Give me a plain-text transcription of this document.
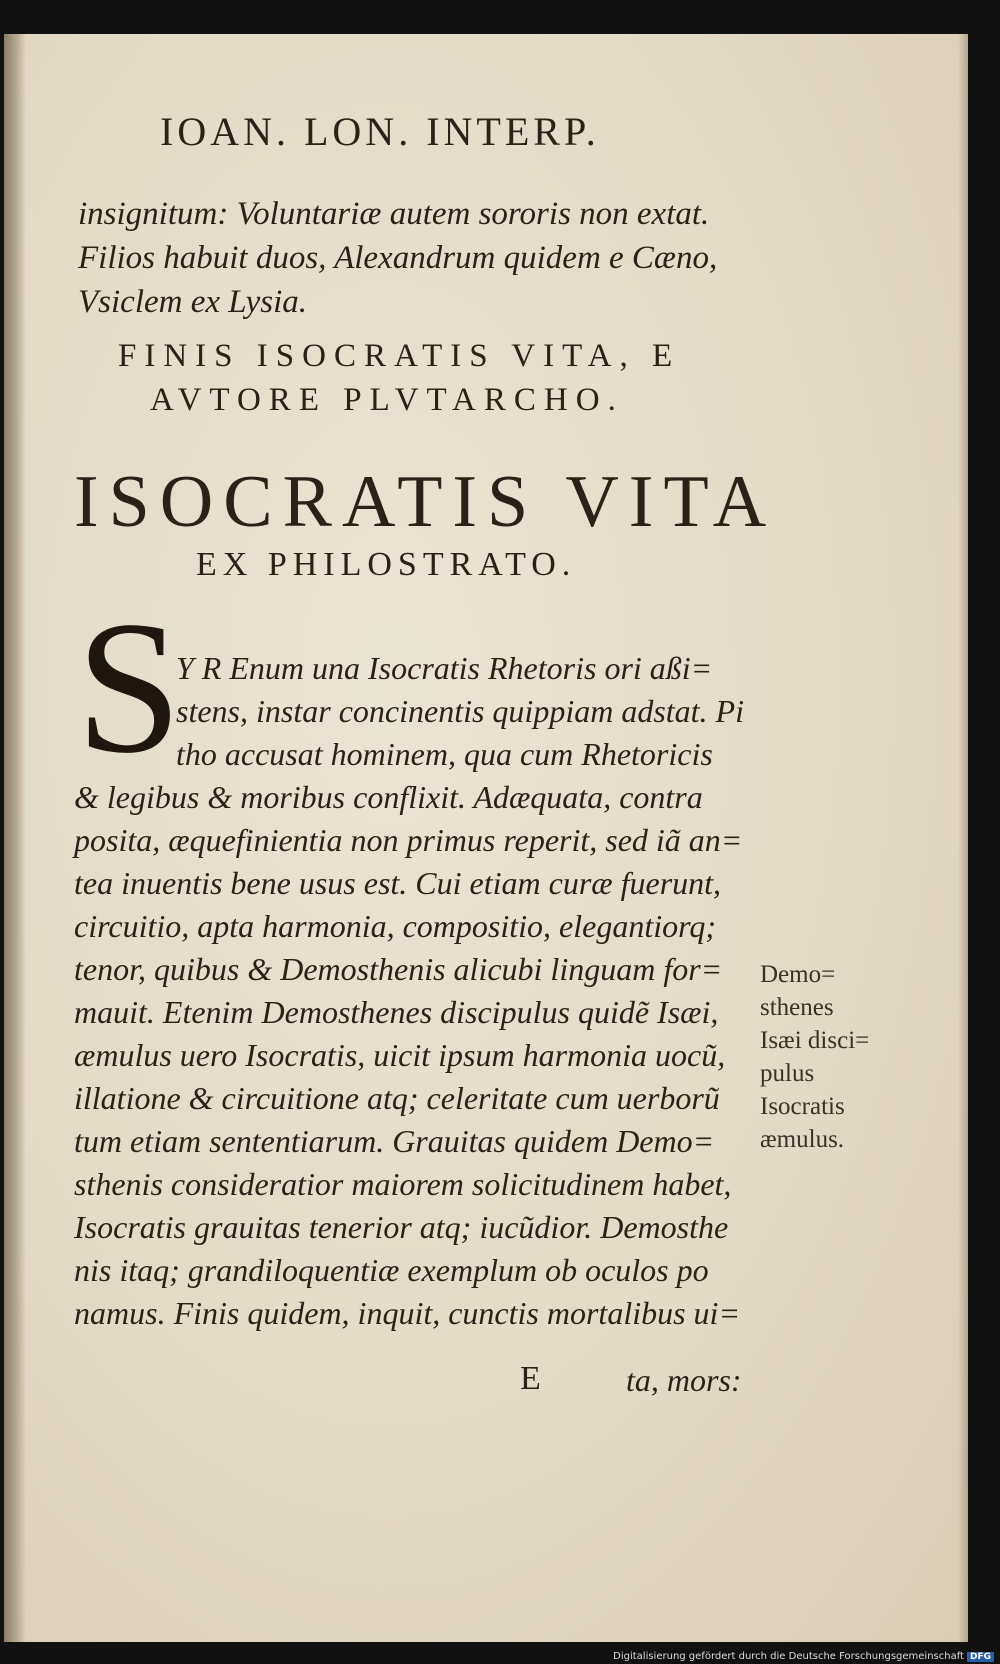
IOAN. LON. INTERP.
insignitum: Voluntariæ autem sororis non extat.
Filios habuit duos, Alexandrum quidem e Cæno,
Vsiclem ex Lysia.
FINIS ISOCRATIS VITA, E
AVTORE PLVTARCHO.
ISOCRATIS VITA
EX PHILOSTRATO.
S
Y R Enum una Isocratis Rhetoris ori aßi=
stens, instar concinentis quippiam adstat. Pi
tho accusat hominem, qua cum Rhetoricis
& legibus & moribus conflixit. Adæquata, contra
posita, æquefinientia non primus reperit, sed iã an=
tea inuentis bene usus est. Cui etiam curæ fuerunt,
circuitio, apta harmonia, compositio, elegantiorq;
tenor, quibus & Demosthenis alicubi linguam for=
mauit. Etenim Demosthenes discipulus quidẽ Isæi,
æmulus uero Isocratis, uicit ipsum harmonia uocũ,
illatione & circuitione atq; celeritate cum uerborũ
tum etiam sententiarum. Grauitas quidem Demo=
sthenis consideratior maiorem solicitudinem habet,
Isocratis grauitas tenerior atq; iucũdior. Demosthe
nis itaq; grandiloquentiæ exemplum ob oculos po
namus. Finis quidem, inquit, cunctis mortalibus ui=
Demo=
sthenes
Isæi disci=
pulus
Isocratis
æmulus.
E	ta, mors:
Digitalisierung gefördert durch die Deutsche Forschungsgemeinschaft DFG
